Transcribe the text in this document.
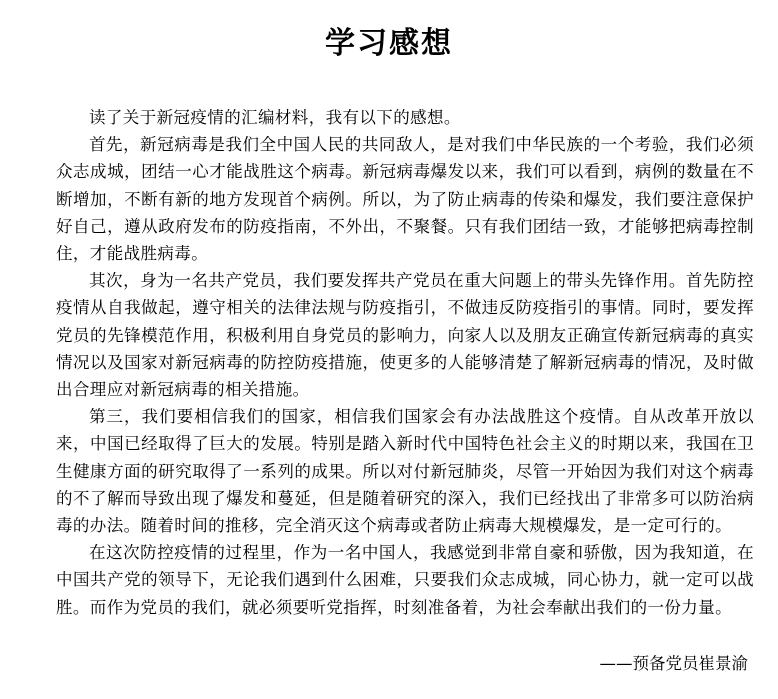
学习感想

读了关于新冠疫情的汇编材料，我有以下的感想。

首先，新冠病毒是我们全中国人民的共同敌人，是对我们中华民族的一个考验，我们必须众志成城，团结一心才能战胜这个病毒。新冠病毒爆发以来，我们可以看到，病例的数量在不断增加，不断有新的地方发现首个病例。所以，为了防止病毒的传染和爆发，我们要注意保护好自己，遵从政府发布的防疫指南，不外出，不聚餐。只有我们团结一致，才能够把病毒控制住，才能战胜病毒。

其次，身为一名共产党员，我们要发挥共产党员在重大问题上的带头先锋作用。首先防控疫情从自我做起，遵守相关的法律法规与防疫指引，不做违反防疫指引的事情。同时，要发挥党员的先锋模范作用，积极利用自身党员的影响力，向家人以及朋友正确宣传新冠病毒的真实情况以及国家对新冠病毒的防控防疫措施，使更多的人能够清楚了解新冠病毒的情况，及时做出合理应对新冠病毒的相关措施。

第三，我们要相信我们的国家，相信我们国家会有办法战胜这个疫情。自从改革开放以来，中国已经取得了巨大的发展。特别是踏入新时代中国特色社会主义的时期以来，我国在卫生健康方面的研究取得了一系列的成果。所以对付新冠肺炎，尽管一开始因为我们对这个病毒的不了解而导致出现了爆发和蔓延，但是随着研究的深入，我们已经找出了非常多可以防治病毒的办法。随着时间的推移，完全消灭这个病毒或者防止病毒大规模爆发，是一定可行的。

在这次防控疫情的过程里，作为一名中国人，我感觉到非常自豪和骄傲，因为我知道，在中国共产党的领导下，无论我们遇到什么困难，只要我们众志成城，同心协力，就一定可以战胜。而作为党员的我们，就必须要听党指挥，时刻准备着，为社会奉献出我们的一份力量。

——预备党员崔景渝
